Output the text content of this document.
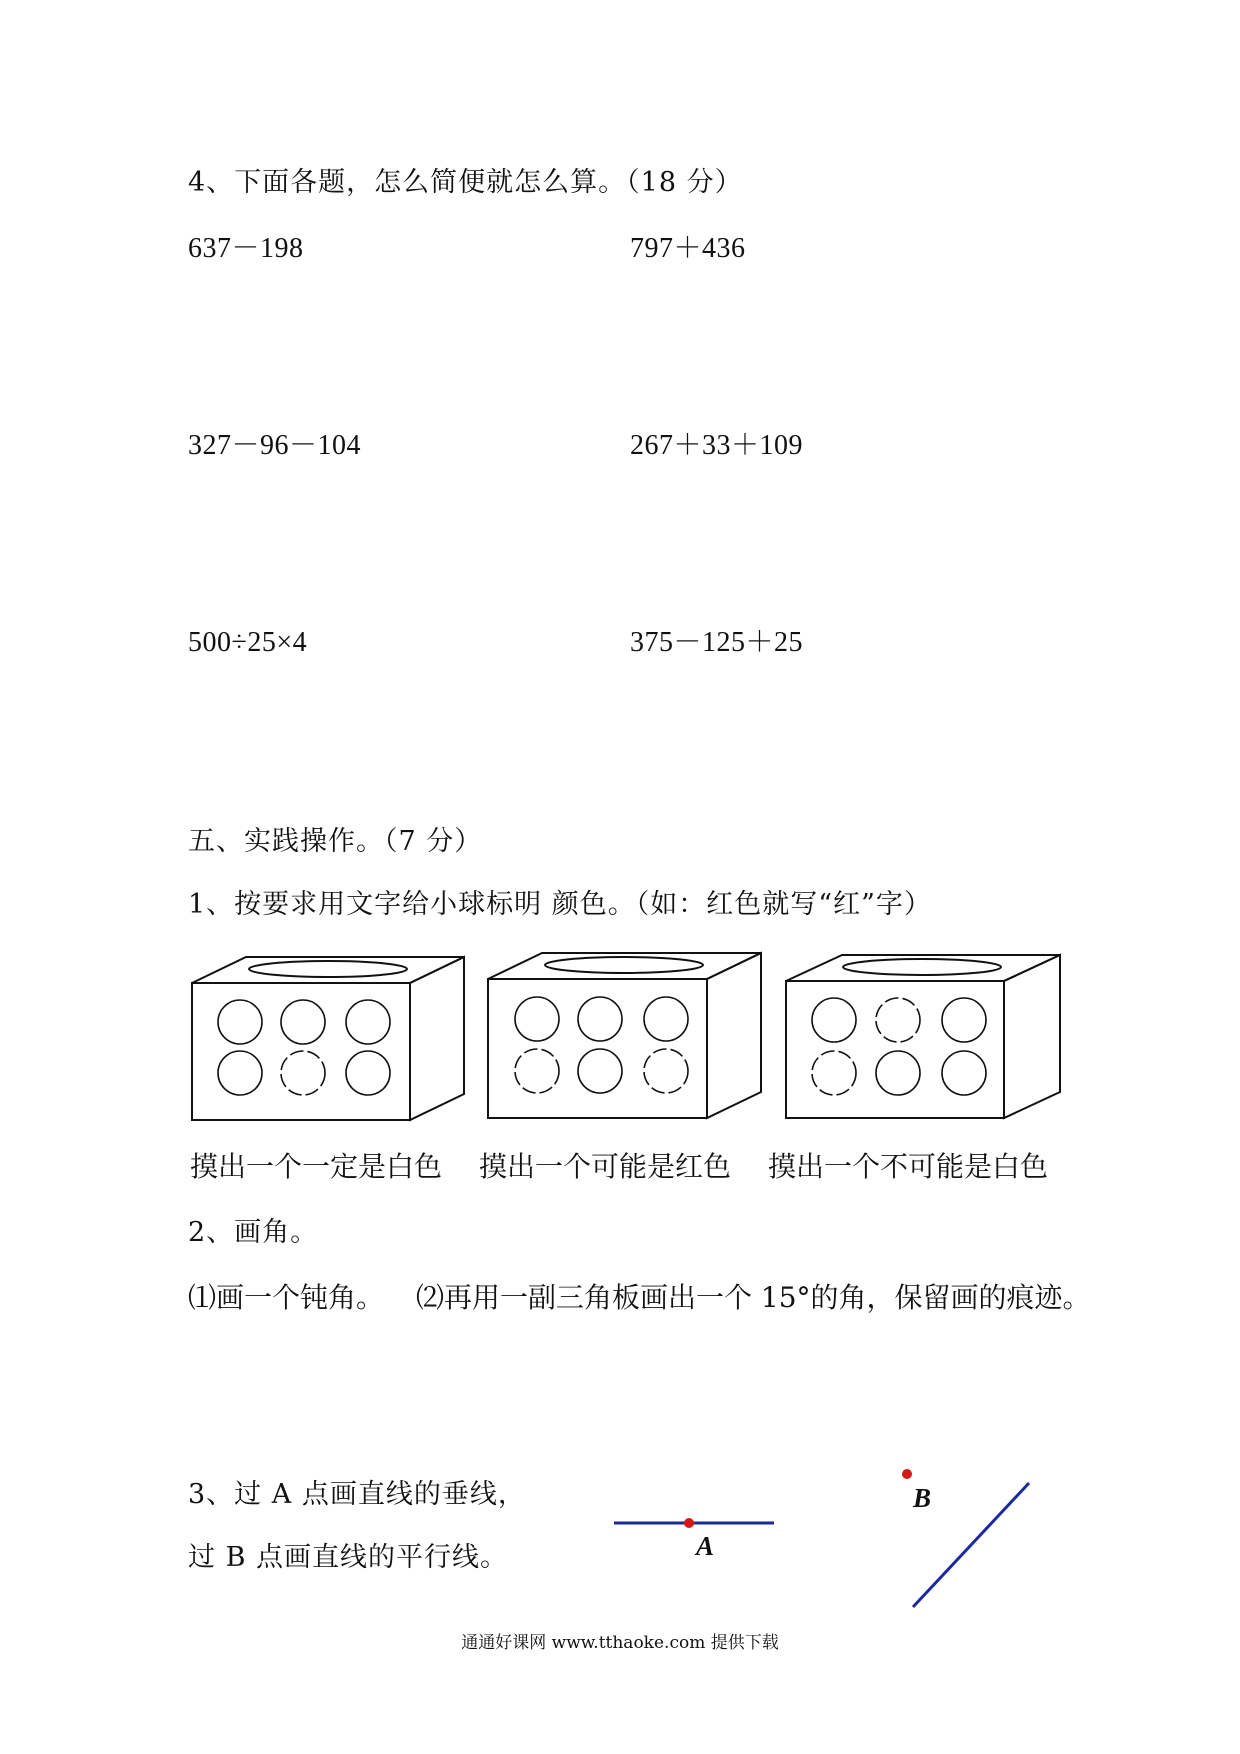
4、下面各题，怎么简便就怎么算。（18 分）
637－198	797＋436
327－96－104	267＋33＋109
500÷25×4	375－125＋25
五、实践操作。（7 分）
1、按要求用文字给小球标明 颜色。（如：红色就写“红”字）
A
B
摸出一个一定是白色 摸出一个可能是红色 摸出一个不可能是白色
2、画角。
⑴画一个钝角。 ⑵再用一副三角板画出一个 15°的角，保留画的痕迹。
3、过 A 点画直线的垂线，
过 B 点画直线的平行线。
通通好课网 www.tthaoke.com 提供下载
